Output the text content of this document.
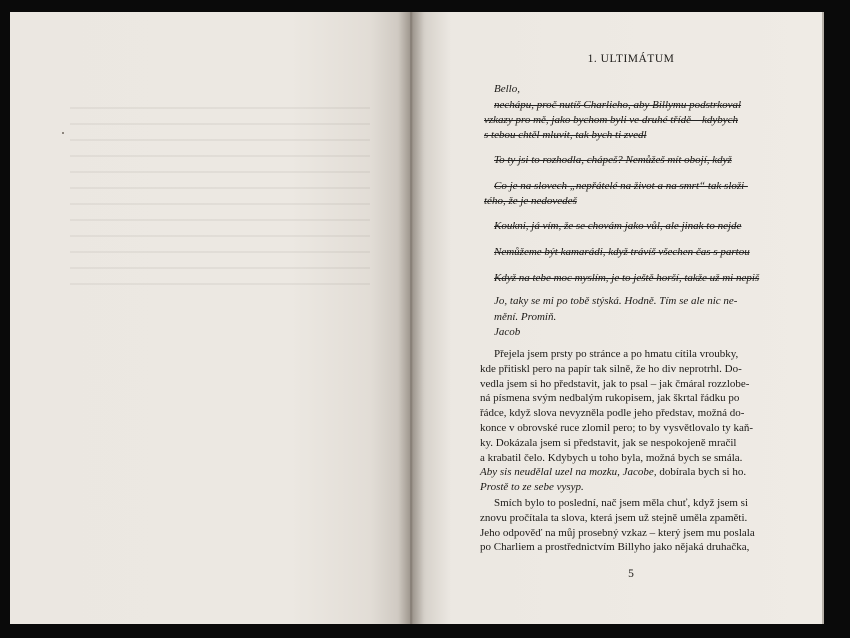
1. ULTIMÁTUM
Bello,
nechápu, proč nutíš Charlieho, aby Billymu podstrkoval
vzkazy pro mě, jako bychom byli ve druhé třídě – kdybych
s tebou chtěl mluvit, tak bych ti zvedl
To ty jsi to rozhodla, chápeš? Nemůžeš mít obojí, když
Co je na slovech „nepřátelé na život a na smrt“ tak složi-
tého, že je nedovedeš
Koukni, já vím, že se chovám jako vůl, ale jinak to nejde
Nemůžeme být kamarádi, když trávíš všechen čas s partou
Když na tebe moc myslím, je to ještě horší, takže už mi nepiš
Jo, taky se mi po tobě stýská. Hodně. Tím se ale nic ne-
mění. Promiň.
Jacob
Přejela jsem prsty po stránce a po hmatu cítila vroubky,
kde přitiskl pero na papír tak silně, že ho div neprotrhl. Do-
vedla jsem si ho představit, jak to psal – jak čmáral rozzlobe-
ná písmena svým nedbalým rukopisem, jak škrtal řádku po
řádce, když slova nevyzněla podle jeho představ, možná do-
konce v obrovské ruce zlomil pero; to by vysvětlovalo ty kaň-
ky. Dokázala jsem si představit, jak se nespokojeně mračil
a krabatil čelo. Kdybych u toho byla, možná bych se smála.
Aby sis neudělal uzel na mozku, Jacobe, dobírala bych si ho.
Prostě to ze sebe vysyp.
Smích bylo to poslední, nač jsem měla chuť, když jsem si
znovu pročítala ta slova, která jsem už stejně uměla zpaměti.
Jeho odpověď na můj prosebný vzkaz – který jsem mu poslala
po Charliem a prostřednictvím Billyho jako nějaká druhačka,
5
